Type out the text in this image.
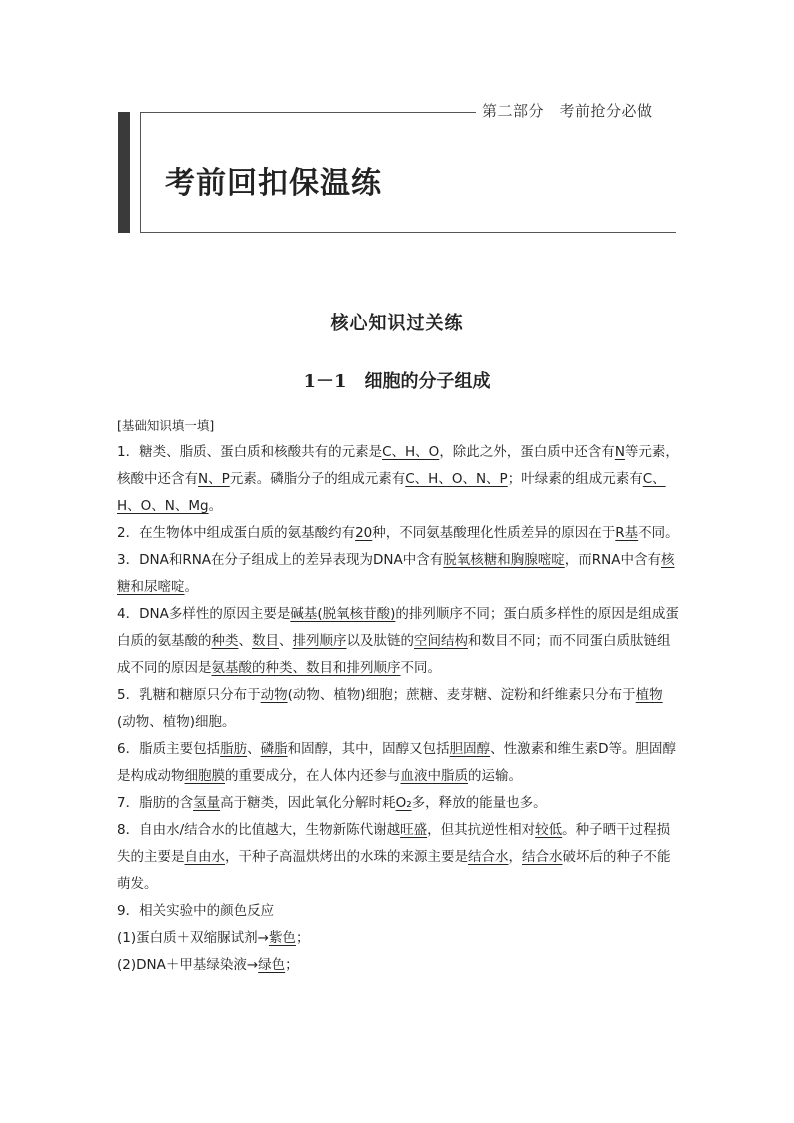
第二部分　考前抢分必做
考前回扣保温练
核心知识过关练
1－1 细胞的分子组成

[基础知识填一填]

1．糖类、脂质、蛋白质和核酸共有的元素是C、H、O，除此之外，蛋白质中还含有N等元素，核酸中还含有N、P元素。磷脂分子的组成元素有C、H、O、N、P；叶绿素的组成元素有C、H、O、N、Mg。

2．在生物体中组成蛋白质的氨基酸约有20种，不同氨基酸理化性质差异的原因在于R基不同。

3．DNA和RNA在分子组成上的差异表现为DNA中含有脱氧核糖和胸腺嘧啶，而RNA中含有核糖和尿嘧啶。

4．DNA多样性的原因主要是碱基(脱氧核苷酸)的排列顺序不同；蛋白质多样性的原因是组成蛋白质的氨基酸的种类、数目、排列顺序以及肽链的空间结构和数目不同；而不同蛋白质肽链组成不同的原因是氨基酸的种类、数目和排列顺序不同。

5．乳糖和糖原只分布于动物(动物、植物)细胞；蔗糖、麦芽糖、淀粉和纤维素只分布于植物(动物、植物)细胞。

6．脂质主要包括脂肪、磷脂和固醇，其中，固醇又包括胆固醇、性激素和维生素D等。胆固醇是构成动物细胞膜的重要成分，在人体内还参与血液中脂质的运输。

7．脂肪的含氢量高于糖类，因此氧化分解时耗O₂多，释放的能量也多。

8．自由水/结合水的比值越大，生物新陈代谢越旺盛，但其抗逆性相对较低。种子晒干过程损失的主要是自由水，干种子高温烘烤出的水珠的来源主要是结合水，结合水破坏后的种子不能萌发。

9．相关实验中的颜色反应

(1)蛋白质＋双缩脲试剂→紫色；

(2)DNA＋甲基绿染液→绿色；
